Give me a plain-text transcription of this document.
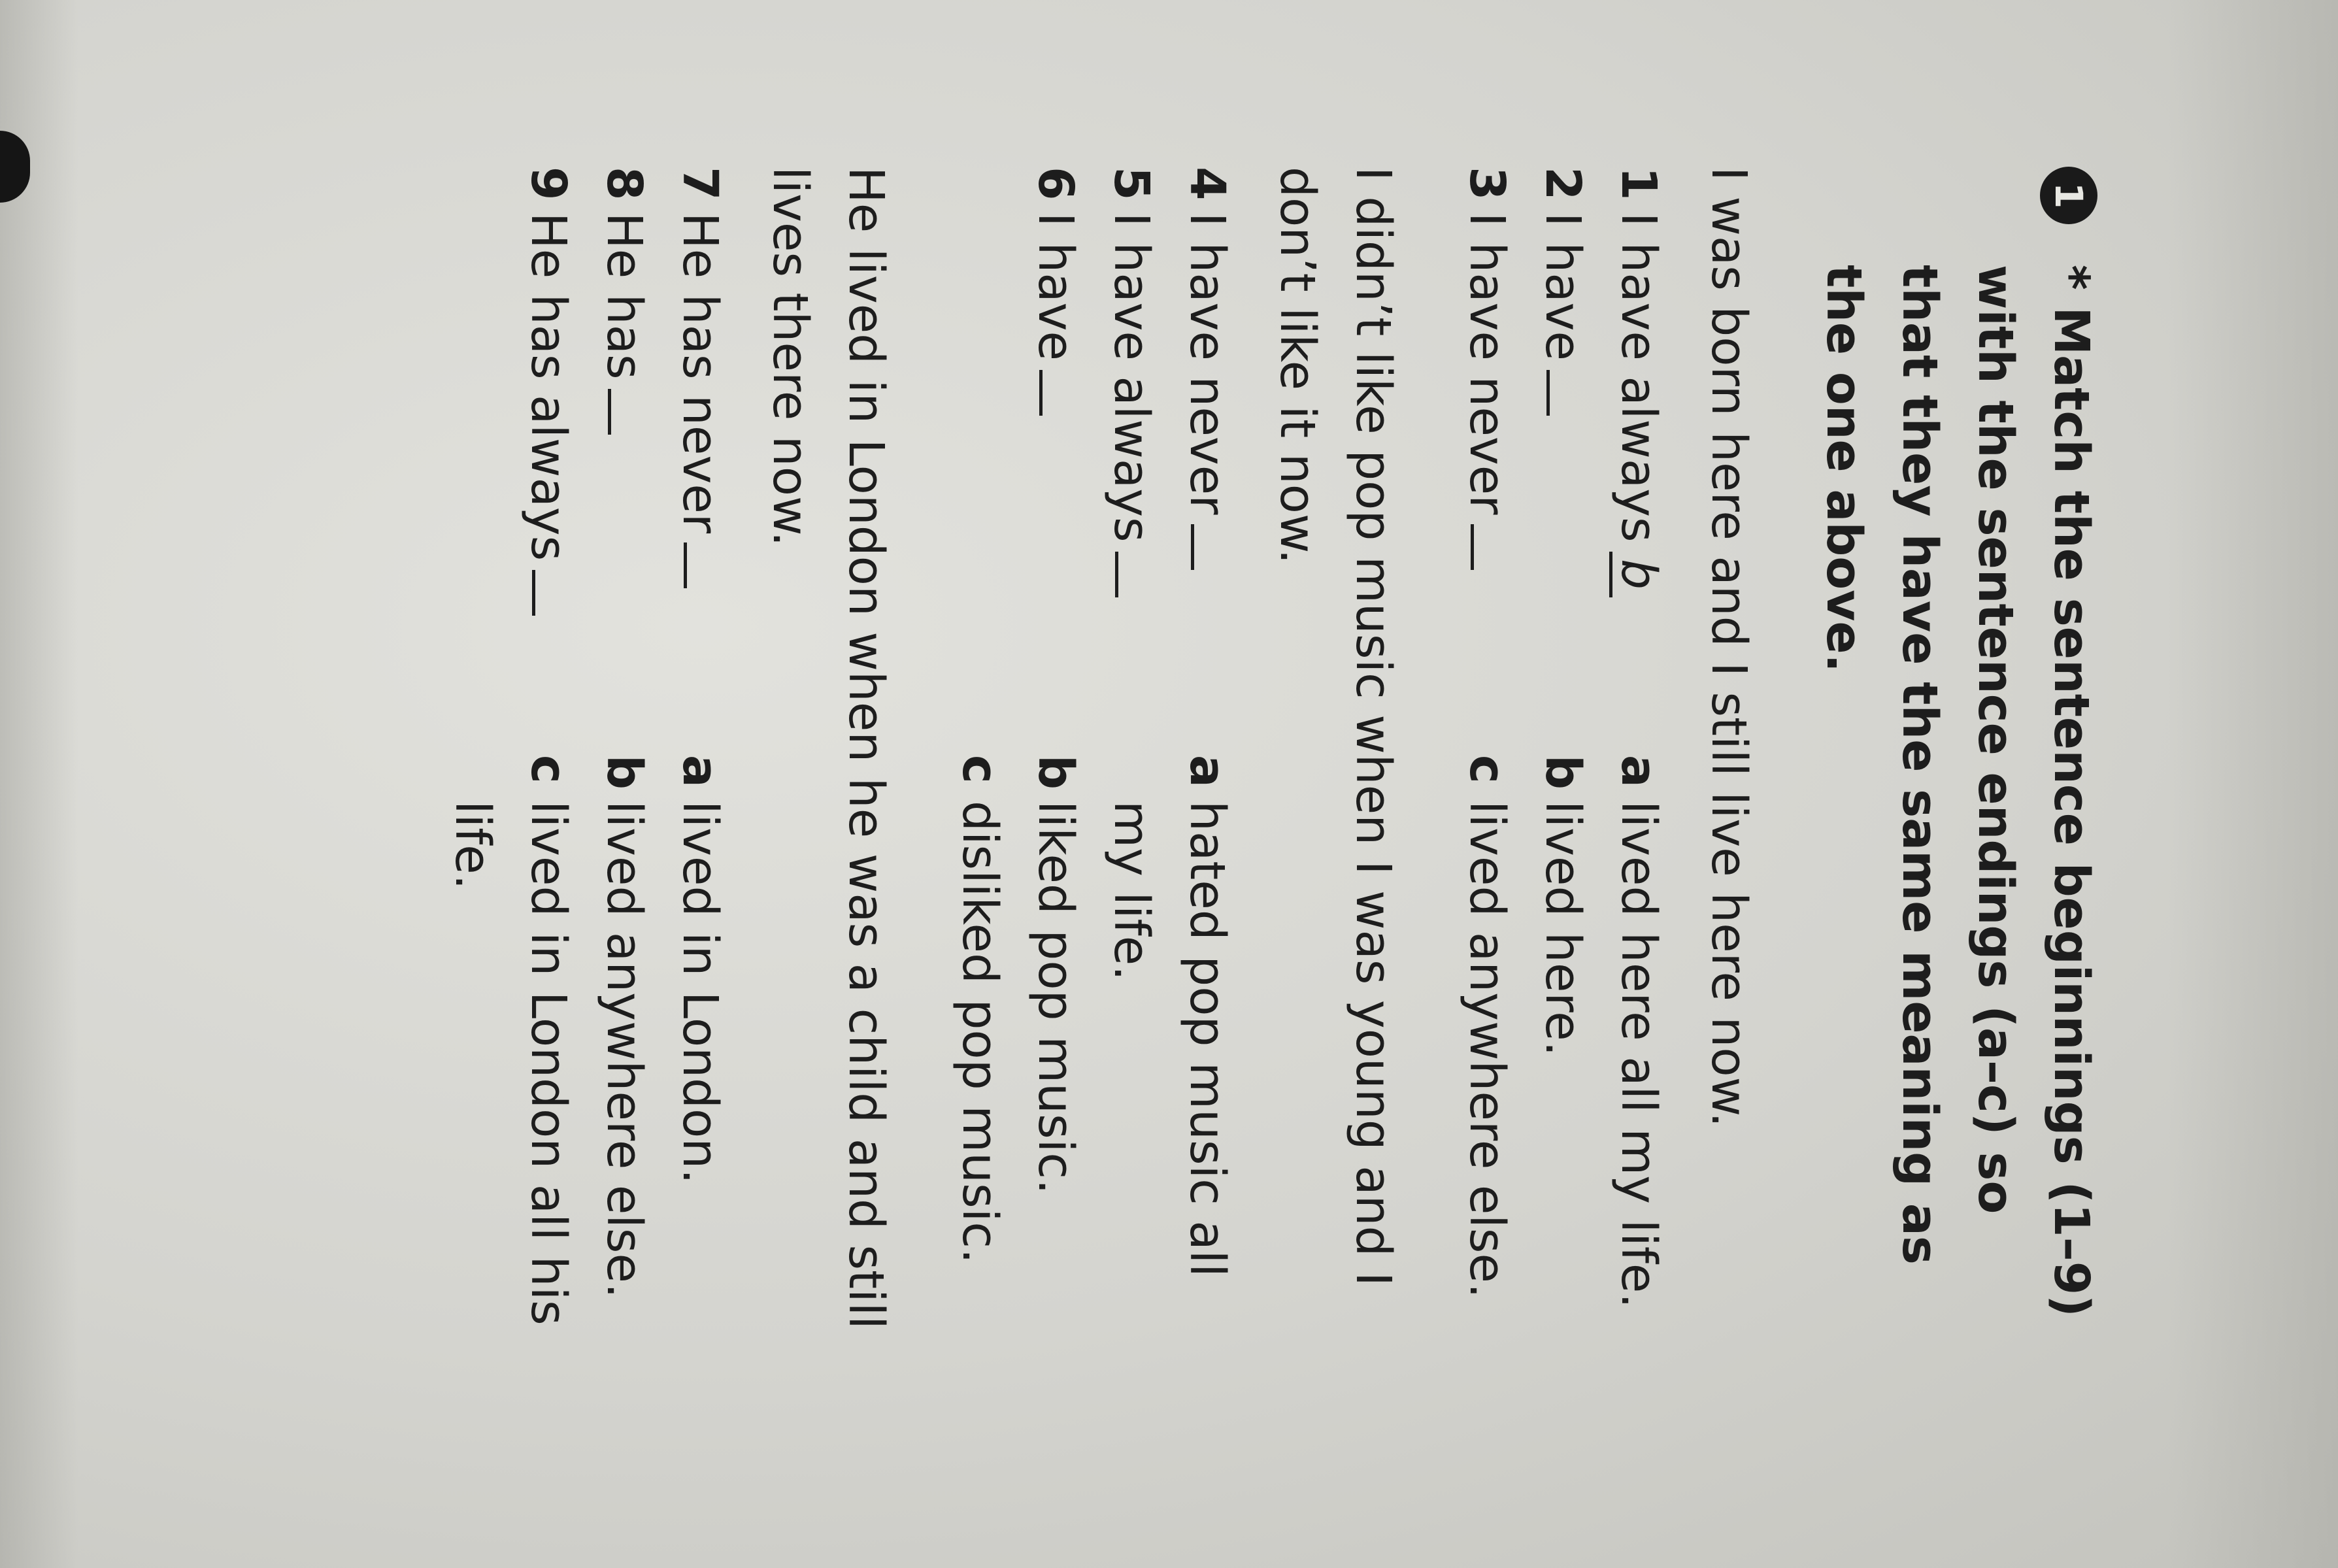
1
* Match the sentence beginnings (1–9) with the sentence endings (a–c) so that they have the same meaning as the one above.

I was born here and I still live here now.

1
I have alwaysb
2
I have
3
I have never
a
lived here all my life.
b
lived here.
c
lived anywhere else.

I didn’t like pop music when I was young and I don’t like it now.

4
I have never
5
I have always
6
I have
a
hated pop music all my life.
b
liked pop music.
c
disliked pop music.

He lived in London when he was a child and still lives there now.

7
He has never
8
He has
9
He has always
a
lived in London.
b
lived anywhere else.
c
lived in London all his life.
